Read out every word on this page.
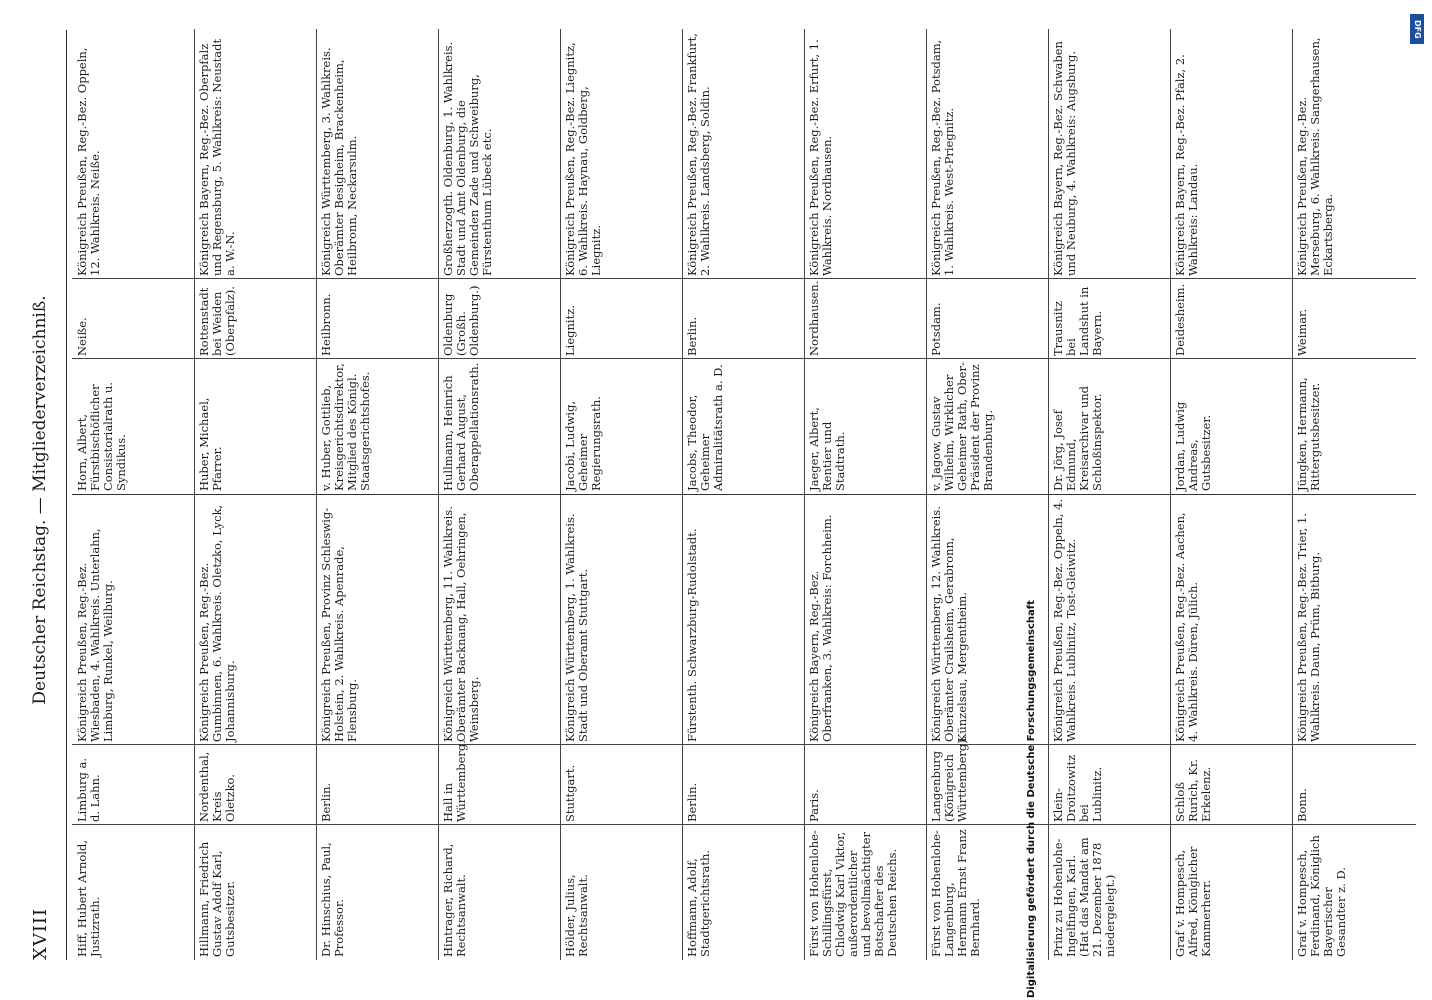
XVIII
Deutscher Reichstag. — Mitgliederverzeichniß.
Hiff, Hubert Arnold, Justizrath.
Limburg a. d. Lahn.
Königreich Preußen, Reg.-Bez. Wiesbaden, 4. Wahlkreis. Unterlahn, Limburg, Runkel, Weilburg.
Hillmann, Friedrich Gustav Adolf Karl, Gutsbesitzer.
Nordenthal, Kreis Oletzko.
Königreich Preußen, Reg.-Bez. Gumbinnen, 6. Wahlkreis. Oletzko, Lyck, Johannisburg.
Dr. Hinschius, Paul, Professor.
Berlin.
Königreich Preußen, Provinz Schleswig-Holstein, 2. Wahlkreis. Apenrade, Flensburg.
Hintrager, Richard, Rechtsanwalt.
Hall in Württemberg.
Königreich Württemberg, 11. Wahlkreis. Oberämter Backnang, Hall, Oehringen, Weinsberg.
Hölder, Julius, Rechtsanwalt.
Stuttgart.
Königreich Württemberg, 1. Wahlkreis. Stadt und Oberamt Stuttgart.
Hoffmann, Adolf, Stadtgerichtsrath.
Berlin.
Fürstenth. Schwarzburg-Rudolstadt.
Fürst von Hohenlohe-Schillingsfürst, Chlodwig Karl Viktor, außerordentlicher und bevollmächtigter Botschafter des Deutschen Reichs.
Paris.
Königreich Bayern, Reg.-Bez. Oberfranken, 3. Wahlkreis: Forchheim.
Fürst von Hohenlohe-Langenburg, Hermann Ernst Franz Bernhard.
Langenburg (Königreich Württemberg).
Königreich Württemberg, 12. Wahlkreis. Oberämter Crailsheim, Gerabronn, Künzelsau, Mergentheim.
Prinz zu Hohenlohe-Ingelfingen, Karl. (Hat das Mandat am 21. Dezember 1878 niedergelegt.)
Klein-Droitzowitz bei Lublinitz.
Königreich Preußen, Reg.-Bez. Oppeln, 4. Wahlkreis. Lublinitz, Tost-Gleiwitz.
Graf v. Hompesch, Alfred, Königlicher Kammerherr.
Schloß Rurich, Kr. Erkelenz.
Königreich Preußen, Reg.-Bez. Aachen, 4. Wahlkreis. Düren, Jülich.
Graf v. Hompesch, Ferdinand, Königlich Bayerischer Gesandter z. D.
Bonn.
Königreich Preußen, Reg.-Bez. Trier, 1. Wahlkreis. Daun, Prüm, Bitburg.
Horn, Albert, Fürstbischöflicher Consistorialrath u. Syndikus.
Neiße.
Königreich Preußen, Reg.-Bez. Oppeln, 12. Wahlkreis. Neiße.
Huber, Michael, Pfarrer.
Rottenstadt bei Weiden (Oberpfalz).
Königreich Bayern, Reg.-Bez. Oberpfalz und Regensburg, 5. Wahlkreis: Neustadt a. W.-N.
v. Huber, Gottlieb, Kreisgerichtsdirektor, Mitglied des Königl. Staatsgerichtshofes.
Heilbronn.
Königreich Württemberg, 3. Wahlkreis. Oberämter Besigheim, Brackenheim, Heilbronn, Neckarsulm.
Hullmann, Heinrich Gerhard August, Oberappellationsrath.
Oldenburg (Großh. Oldenburg.)
Großherzogth. Oldenburg, 1. Wahlkreis. Stadt und Amt Oldenburg, die Gemeinden Zade und Schweiburg, Fürstenthum Lübeck etc.
Jacobi, Ludwig, Geheimer Regierungsrath.
Liegnitz.
Königreich Preußen, Reg.-Bez. Liegnitz, 6. Wahlkreis. Haynau, Goldberg, Liegnitz.
Jacobs, Theodor, Geheimer Admiralitätsrath a. D.
Berlin.
Königreich Preußen, Reg.-Bez. Frankfurt, 2. Wahlkreis. Landsberg, Soldin.
Jaeger, Albert, Rentier und Stadtrath.
Nordhausen.
Königreich Preußen, Reg.-Bez. Erfurt, 1. Wahlkreis. Nordhausen.
v. Jagow, Gustav Wilhelm, Wirklicher Geheimer Rath, Ober-Präsident der Provinz Brandenburg.
Potsdam.
Königreich Preußen, Reg.-Bez. Potsdam, 1. Wahlkreis. West-Priegnitz.
Dr. Jörg, Josef Edmund, Kreisarchivar und Schloßinspektor.
Trausnitz bei Landshut in Bayern.
Königreich Bayern, Reg.-Bez. Schwaben und Neuburg, 4. Wahlkreis: Augsburg.
Jordan, Ludwig Andreas, Gutsbesitzer.
Deidesheim.
Königreich Bayern, Reg.-Bez. Pfalz, 2. Wahlkreis: Landau.
Jüngken, Hermann, Rittergutsbesitzer.
Weimar.
Königreich Preußen, Reg.-Bez. Merseburg, 6. Wahlkreis. Sangerhausen, Eckartsberga.
DFG
Digitalisierung gefördert durch die Deutsche Forschungsgemeinschaft
